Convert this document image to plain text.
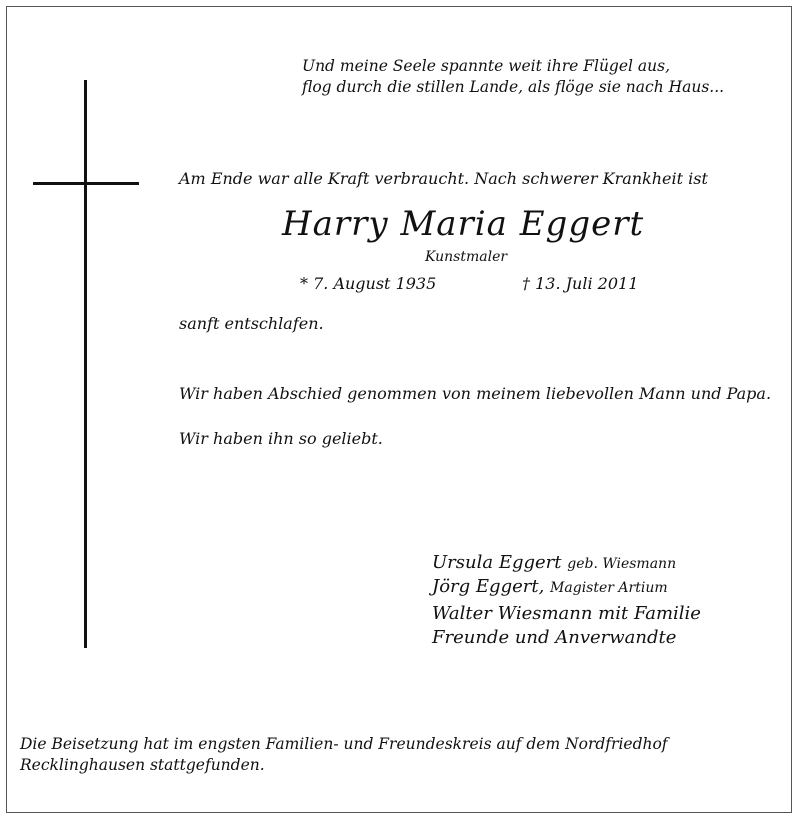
Und meine Seele spannte weit ihre Flügel aus,
flog durch die stillen Lande, als flöge sie nach Haus...
Am Ende war alle Kraft verbraucht. Nach schwerer Krankheit ist
Harry Maria Eggert
Kunstmaler
* 7. August 1935	† 13. Juli 2011
sanft entschlafen.
Wir haben Abschied genommen von meinem liebevollen Mann und Papa.
Wir haben ihn so geliebt.
Ursula Eggert geb. Wiesmann
Jörg Eggert, Magister Artium
Walter Wiesmann mit Familie
Freunde und Anverwandte
Die Beisetzung hat im engsten Familien- und Freundeskreis auf dem Nordfriedhof
Recklinghausen stattgefunden.
